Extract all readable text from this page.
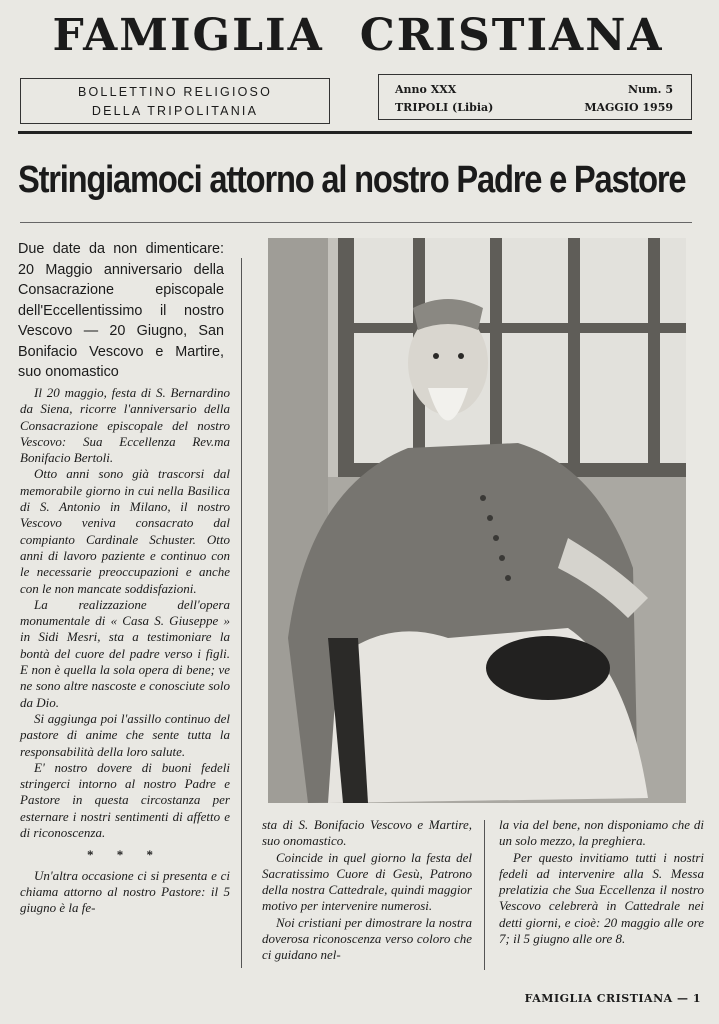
FAMIGLIA CRISTIANA
BOLLETTINO RELIGIOSO
DELLA TRIPOLITANIA
Anno XXX
TRIPOLI (Libia)
Num. 5
MAGGIO 1959
Stringiamoci attorno al nostro Padre e Pastore
Due date da non dimenticare: 20 Maggio anniversario della Consacrazione episcopale dell'Eccellentissimo il nostro Vescovo — 20 Giugno, San Bonifacio Vescovo e Martire, suo onomastico

Il 20 maggio, festa di S. Bernardino da Siena, ricorre l'anniversario della Consacrazione episcopale del nostro Vescovo: Sua Eccellenza Rev.ma Bonifacio Bertoli.

Otto anni sono già trascorsi dal memorabile giorno in cui nella Basilica di S. Antonio in Milano, il nostro Vescovo veniva consacrato dal compianto Cardinale Schuster. Otto anni di lavoro paziente e continuo con le necessarie preoccupazioni e anche con le non mancate soddisfazioni.

La realizzazione dell'opera monumentale di « Casa S. Giuseppe » in Sidi Mesri, sta a testimoniare la bontà del cuore del padre verso i figli. E non è quella la sola opera di bene; ve ne sono altre nascoste e conosciute solo da Dio.

Si aggiunga poi l'assillo continuo del pastore di anime che sente tutta la responsabilità della loro salute.

E' nostro dovere di buoni fedeli stringerci intorno al nostro Padre e Pastore in questa circostanza per esternare i nostri sentimenti di affetto e di riconoscenza.

* * *

Un'altra occasione ci si presenta e ci chiama attorno al nostro Pastore: il 5 giugno è la fe-

sta di S. Bonifacio Vescovo e Martire, suo onomastico.

Coincide in quel giorno la festa del Sacratissimo Cuore di Gesù, Patrono della nostra Cattedrale, quindi maggior motivo per intervenire numerosi.

Noi cristiani per dimostrare la nostra doverosa riconoscenza verso coloro che ci guidano nel-

la via del bene, non disponiamo che di un solo mezzo, la preghiera.

Per questo invitiamo tutti i nostri fedeli ad intervenire alla S. Messa prelatizia che Sua Eccellenza il nostro Vescovo celebrerà in Cattedrale nei detti giorni, e cioè: 20 maggio alle ore 7; il 5 giugno alle ore 8.

FAMIGLIA CRISTIANA — 1
